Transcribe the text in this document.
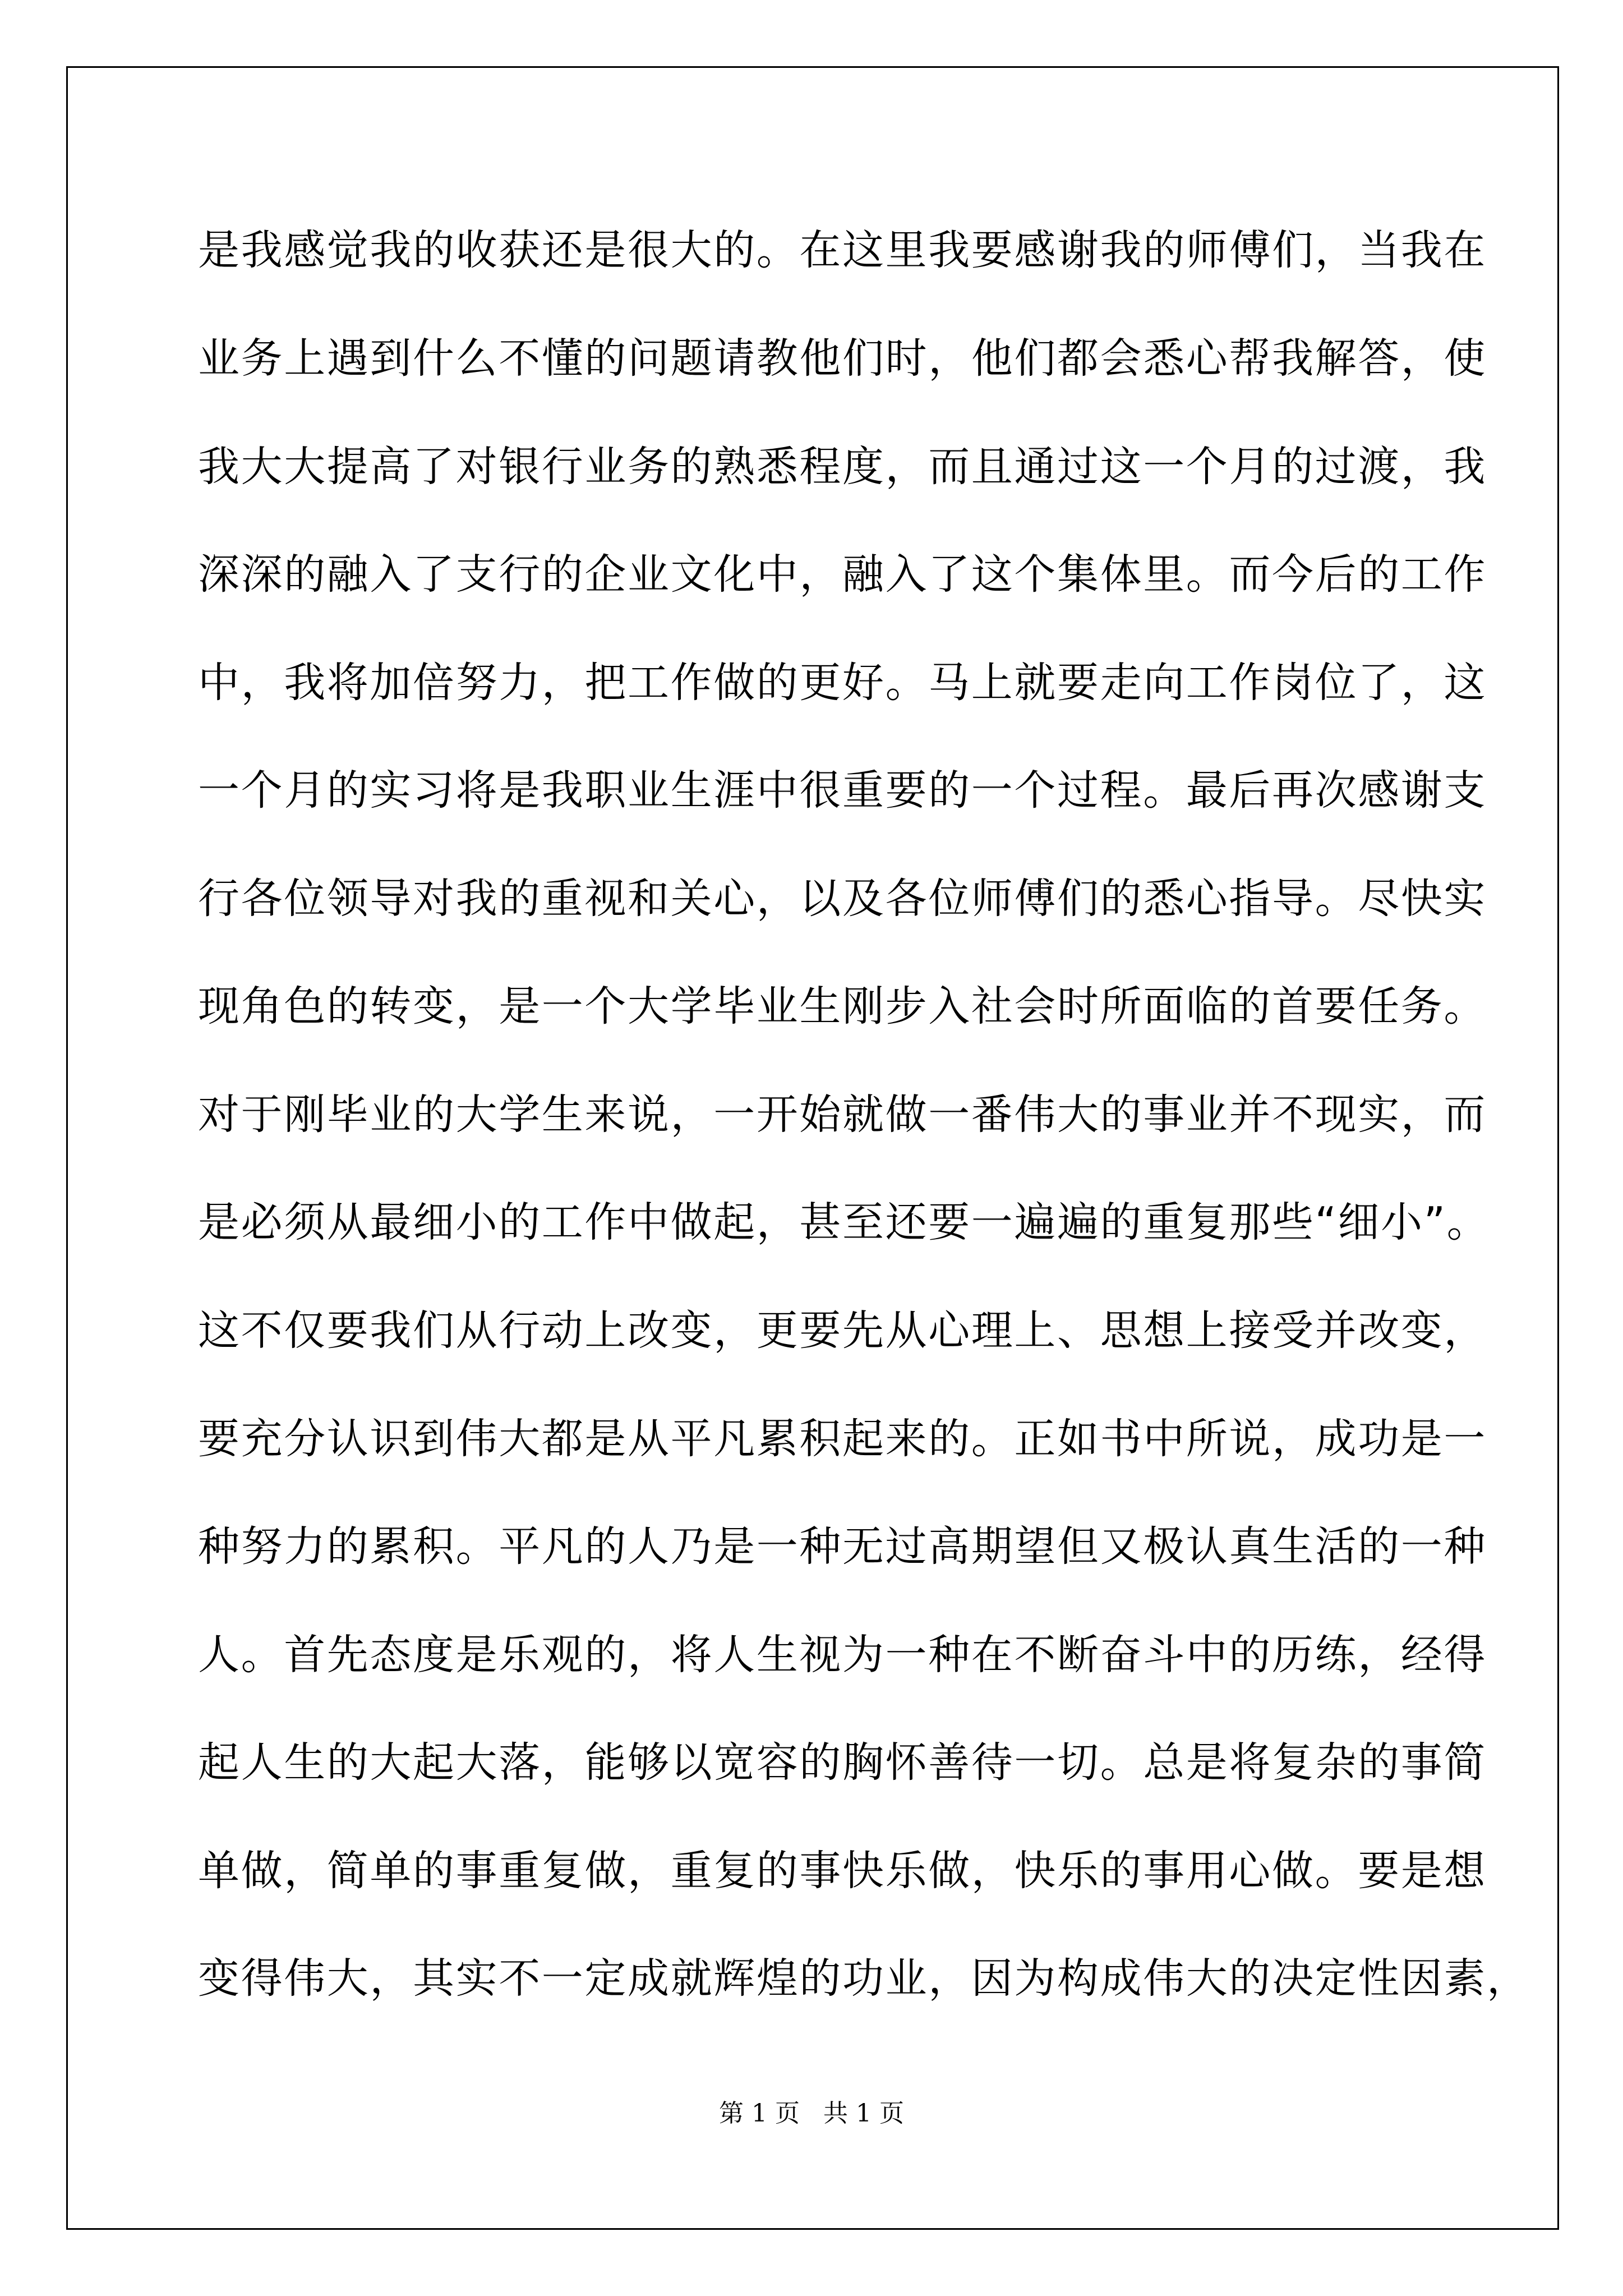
是我感觉我的收获还是很大的。在这里我要感谢我的师傅们，当我在
业务上遇到什么不懂的问题请教他们时，他们都会悉心帮我解答，使
我大大提高了对银行业务的熟悉程度，而且通过这一个月的过渡，我
深深的融入了支行的企业文化中，融入了这个集体里。而今后的工作
中，我将加倍努力，把工作做的更好。马上就要走向工作岗位了，这
一个月的实习将是我职业生涯中很重要的一个过程。最后再次感谢支
行各位领导对我的重视和关心，以及各位师傅们的悉心指导。尽快实
现角色的转变，是一个大学毕业生刚步入社会时所面临的首要任务。
对于刚毕业的大学生来说，一开始就做一番伟大的事业并不现实，而
是必须从最细小的工作中做起，甚至还要一遍遍的重复那些“细小”。
这不仅要我们从行动上改变，更要先从心理上、思想上接受并改变，
要充分认识到伟大都是从平凡累积起来的。正如书中所说，成功是一
种努力的累积。平凡的人乃是一种无过高期望但又极认真生活的一种
人。首先态度是乐观的，将人生视为一种在不断奋斗中的历练，经得
起人生的大起大落，能够以宽容的胸怀善待一切。总是将复杂的事简
单做，简单的事重复做，重复的事快乐做，快乐的事用心做。要是想
变得伟大，其实不一定成就辉煌的功业，因为构成伟大的决定性因素，
第 1 页   共 1 页
